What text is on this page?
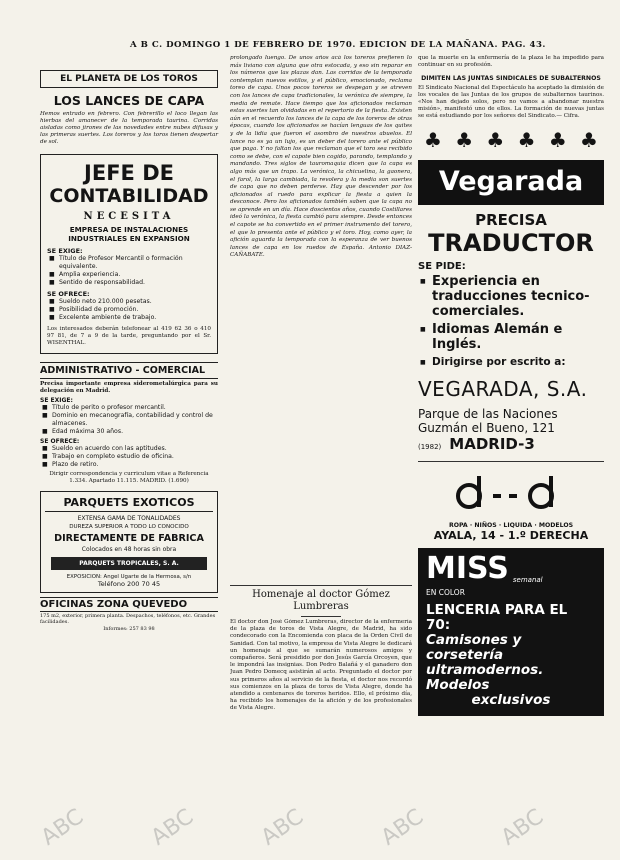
A B C. DOMINGO 1 DE FEBRERO DE 1970. EDICION DE LA MAÑANA. PAG. 43.
EL PLANETA DE LOS TOROS
LOS LANCES DE CAPA
Hemos entrado en febrero. Con febrerillo el loco llegan las hierbas del amanecer de la temporada taurina. Corridas aisladas como jirones de las novedades entre nubes difusas y las primeras suertes. Los toreros y los toros tienen despertar de sol.
JEFE DE
CONTABILIDAD
NECESITA
EMPRESA DE INSTALACIONES INDUSTRIALES EN EXPANSION
SE EXIGE:
■ Título de Profesor Mercantil o formación equivalente.
■ Amplia experiencia.
■ Sentido de responsabilidad.
SE OFRECE:
■ Sueldo neto 210.000 pesetas.
■ Posibilidad de promoción.
■ Excelente ambiente de trabajo.
Los interesados deberán telefonear al 419 62 36 o 410 97 81, de 7 a 9 de la tarde, preguntando por el Sr. WISENTHAL.
ADMINISTRATIVO - COMERCIAL
Precisa importante empresa siderometalúrgica para su delegación en Madrid.
SE EXIGE:
■ Título de perito o profesor mercantil.
■ Dominio en mecanografía, contabilidad y control de almacenes.
■ Edad máxima 30 años.
SE OFRECE:
■ Sueldo en acuerdo con las aptitudes.
■ Trabajo en completo estudio de oficina.
■ Plazo de retiro.
Dirigir correspondencia y curriculum vitae a Referencia 1.334. Apartado 11.115. MADRID. (1.690)
PARQUETS EXOTICOS
EXTENSA GAMA DE TONALIDADES
DUREZA SUPERIOR A TODO LO CONOCIDO
DIRECTAMENTE DE FABRICA
Colocados en 48 horas sin obra
PARQUETS TROPICALES, S. A.
EXPOSICION: Angel Ugarte de la Hermosa, s/n
Teléfono 200 70 45
OFICINAS ZONA QUEVEDO
175 m2, exterior, primera planta. Despachos, teléfonos, etc. Grandes facilidades.
Informes: 257 83 98
prolongado luengo. De unos años acá los toreros prefieren lo más liviano con alguna que otra estocada, y eso sin reparar en los números que las plazas dan. Las corridas de la temporada contemplan nuevos estilos, y el público, emocionado, reclama toreo de capa. Unos pocos toreros se despegan y se atreven con los lances de capa tradicionales, la verónica de siempre, la media de remate. Hace tiempo que los aficionados reclaman estas suertes tan olvidadas en el repertorio de la fiesta. Existen aún en el recuerdo los lances de la capa de los toreros de otras épocas, cuando los aficionados se hacían lenguas de los quites y de la lidia que fueron el asombro de nuestros abuelos. El lance no es ya un lujo, es un deber del torero ante el público que paga. Y no faltan los que reclaman que el toro sea recibido como se debe, con el capote bien cogido, parando, templando y mandando. Tres siglos de tauromaquia dicen que la capa es algo más que un trapo. La verónica, la chicuelina, la gaonera, el farol, la larga cambiada, la revolera y la media son suertes de capa que no deben perderse. Hay que descender por los aficionados al ruedo para explicar la fiesta a quien la desconoce. Pero los aficionados también saben que la capa no se aprende en un día. Hace doscientos años, cuando Costillares ideó la verónica, la fiesta cambió para siempre. Desde entonces el capote se ha convertido en el primer instrumento del torero, el que lo presenta ante el público y el toro. Hoy, como ayer, la afición aguarda la temporada con la esperanza de ver buenos lances de capa en los ruedos de España. Antonio DIAZ-CAÑABATE.
Homenaje al doctor Gómez Lumbreras
El doctor don José Gómez Lumbreras, director de la enfermería de la plaza de toros de Vista Alegre, de Madrid, ha sido condecorado con la Encomienda con placa de la Orden Civil de Sanidad. Con tal motivo, la empresa de Vista Alegre le dedicará un homenaje al que se sumarán numerosos amigos y compañeros. Será presidido por don Jesús García Orcoyen, que le impondrá las insignias. Don Pedro Balañá y el ganadero don Juan Pedro Domecq asistirán al acto. Preguntado el doctor por sus primeros años al servicio de la fiesta, el doctor nos recordó sus comienzos en la plaza de toros de Vista Alegre, donde ha atendido a centenares de toreros heridos. Ello, el próximo día, ha recibido los homenajes de la afición y de los profesionales de Vista Alegre.
que la muerte en la enfermería de la plaza le ha impedido para continuar en su profesión.
DIMITEN LAS JUNTAS SINDICALES DE SUBALTERNOS
El Sindicato Nacional del Espectáculo ha aceptado la dimisión de los vocales de las Juntas de los grupos de subalternos taurinos. «Nos han dejado solos, pero no vamos a abandonar nuestra misión», manifestó uno de ellos. La formación de nuevas juntas se está estudiando por los señores del Sindicato.— Cifra.
♣ ♣ ♣ ♣ ♣ ♣
Vegarada
PRECISA
TRADUCTOR
SE PIDE:
■ Experiencia en traducciones tecnico-comerciales.
■ Idiomas Alemán e Inglés.
■ Dirigirse por escrito a:
VEGARADA, S.A.
Parque de las Naciones Guzmán el Bueno, 121
(1982) MADRID-3
ROPA · NIÑOS · LIQUIDA · MODELOS
AYALA, 14 - 1.º DERECHA
MISS semanal
EN COLOR
LENCERIA PARA EL 70:
Camisones y corsetería
ultramodernos. Modelos
exclusivos
ABC	ABC	ABC	ABC	ABC
